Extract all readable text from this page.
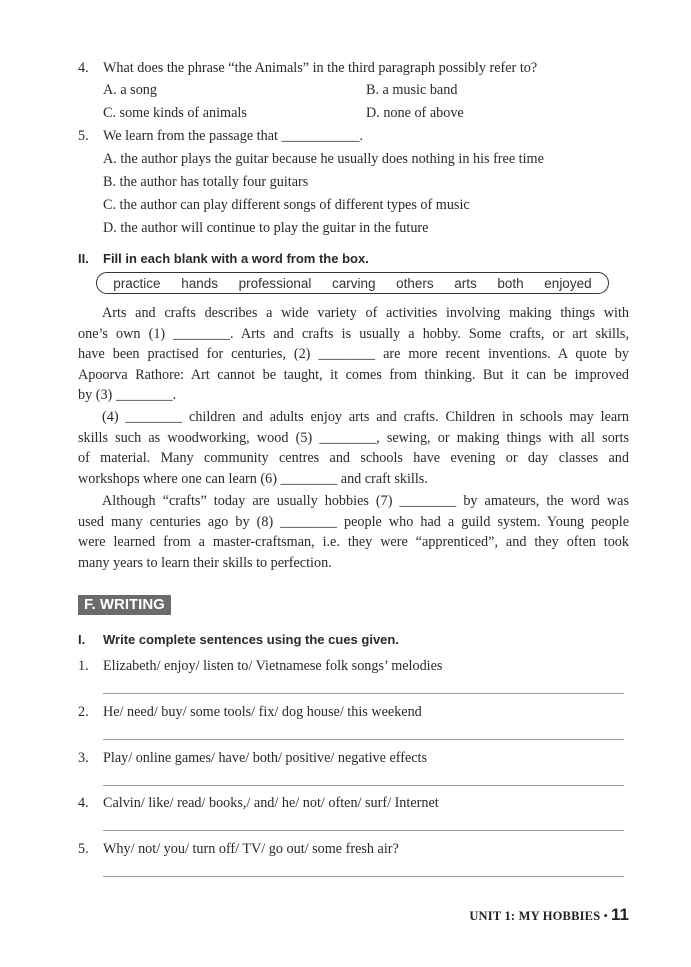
4. What does the phrase “the Animals” in the third paragraph possibly refer to?
A. a song	B. a music band
C. some kinds of animals	D. none of above
5. We learn from the passage that ___________.
A. the author plays the guitar because he usually does nothing in his free time
B. the author has totally four guitars
C. the author can play different songs of different types of music
D. the author will continue to play the guitar in the future
II. Fill in each blank with a word from the box.
practice hands professional carving others arts both enjoyed
Arts and crafts describes a wide variety of activities involving making things with
one’s own (1) ________. Arts and crafts is usually a hobby. Some crafts, or art skills,
have been practised for centuries, (2) ________ are more recent inventions. A quote by
Apoorva Rathore: Art cannot be taught, it comes from thinking. But it can be improved
by (3) ________.
(4) ________ children and adults enjoy arts and crafts. Children in schools may learn
skills such as woodworking, wood (5) ________, sewing, or making things with all sorts
of material. Many community centres and schools have evening or day classes and
workshops where one can learn (6) ________ and craft skills.
Although “crafts” today are usually hobbies (7) ________ by amateurs, the word was
used many centuries ago by (8) ________ people who had a guild system. Young people
were learned from a master-craftsman, i.e. they were “apprenticed”, and they often took
many years to learn their skills to perfection.
F. WRITING
I. Write complete sentences using the cues given.
1. Elizabeth/ enjoy/ listen to/ Vietnamese folk songs’ melodies
2. He/ need/ buy/ some tools/ fix/ dog house/ this weekend
3. Play/ online games/ have/ both/ positive/ negative effects
4. Calvin/ like/ read/ books,/ and/ he/ not/ often/ surf/ Internet
5. Why/ not/ you/ turn off/ TV/ go out/ some fresh air?
UNIT 1: MY HOBBIES • 11
